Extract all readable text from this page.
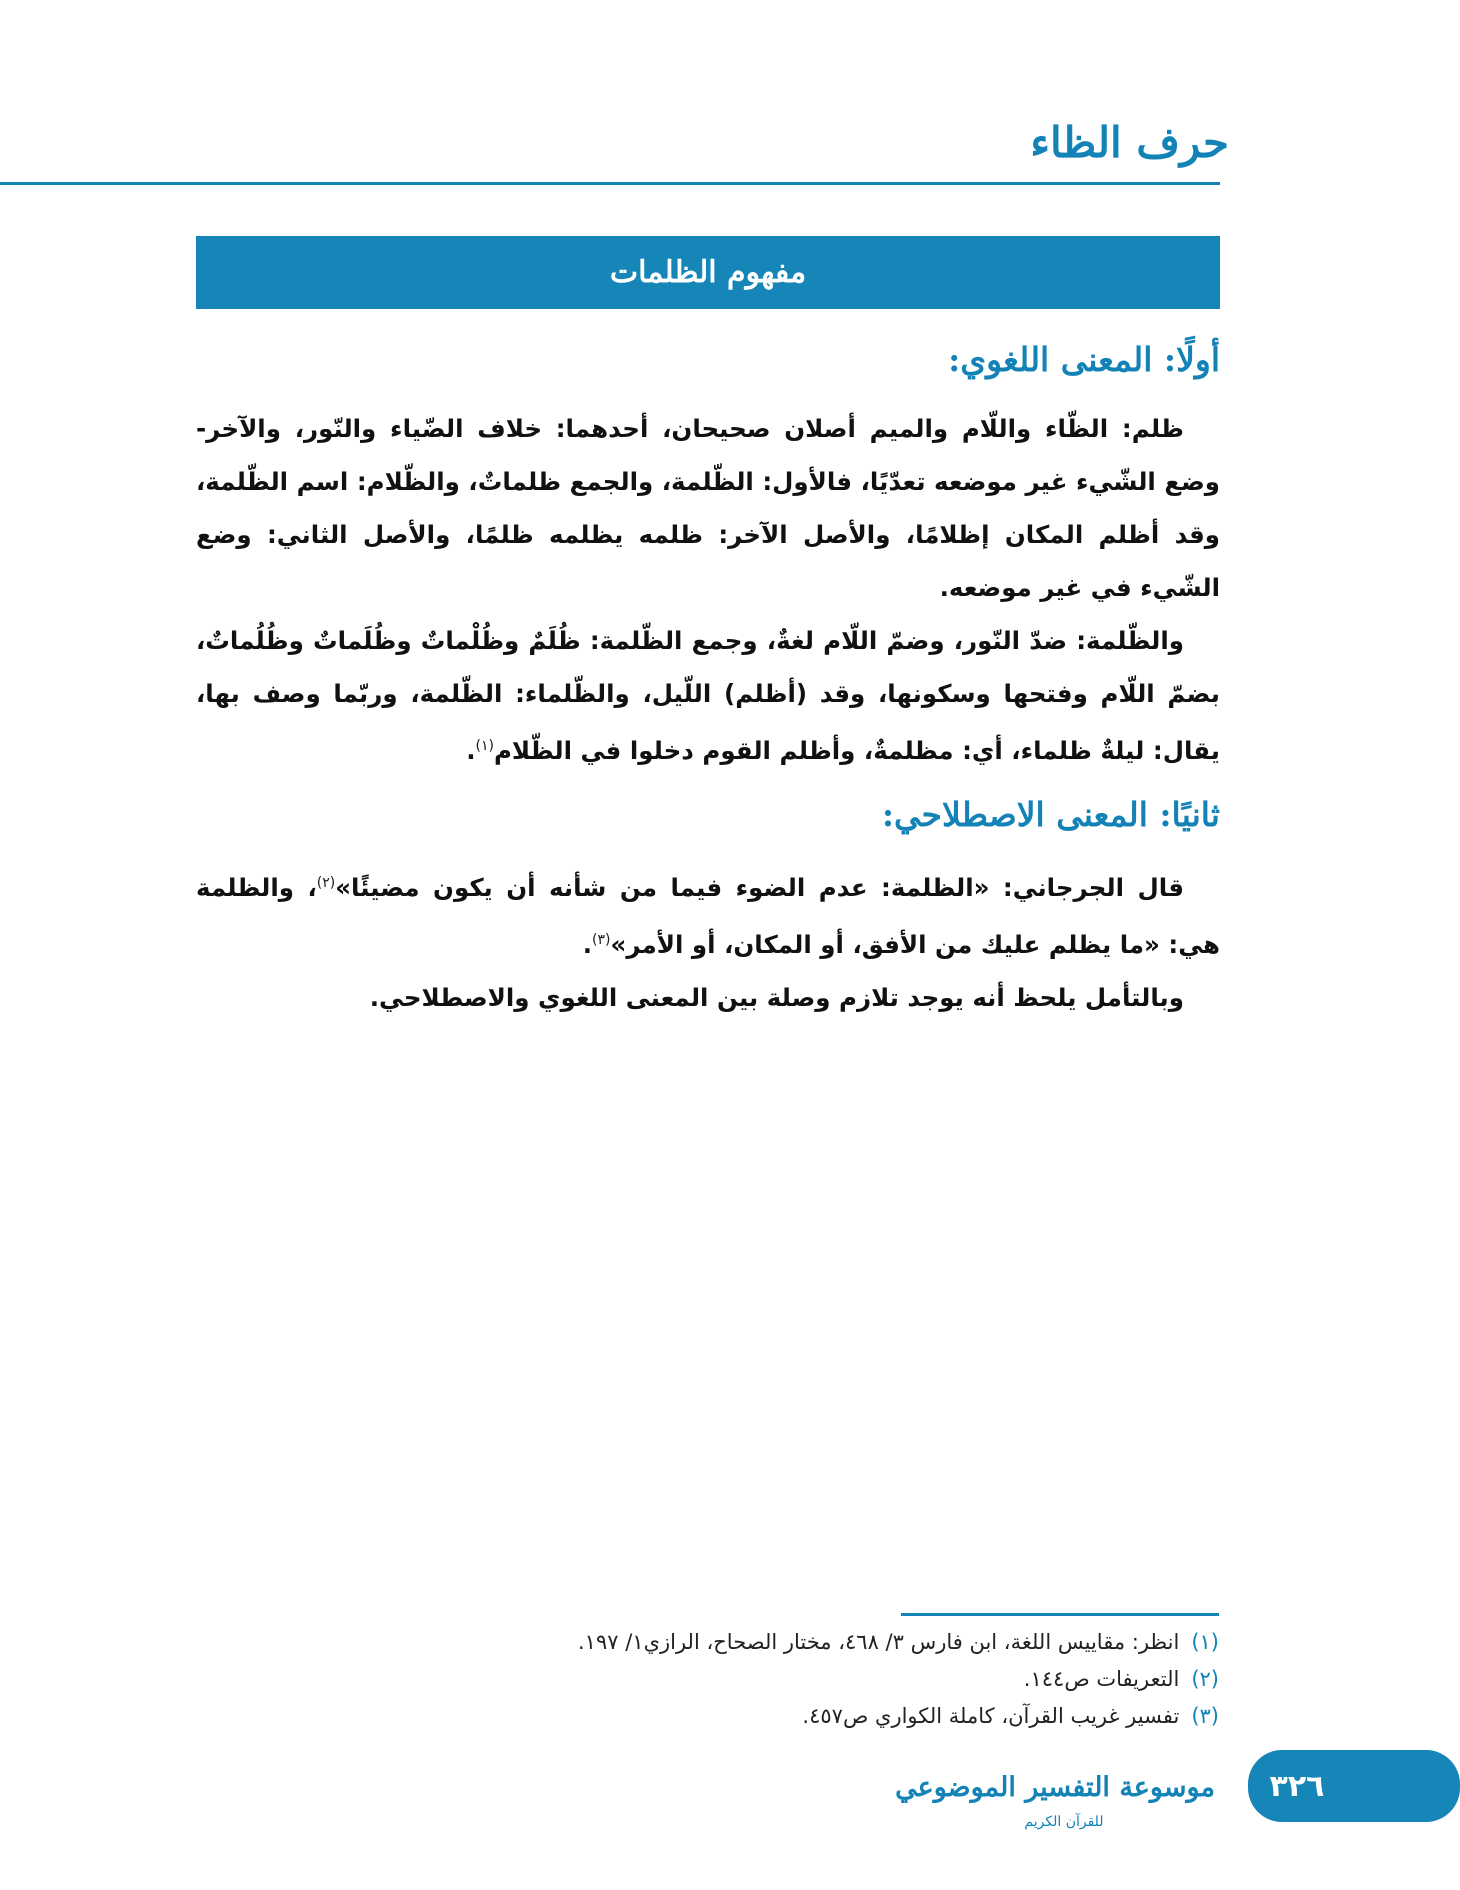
حرف الظاء
مفهوم الظلمات
أولًا: المعنى اللغوي:

ظلم: الظّاء واللّام والميم أصلان صحيحان، أحدهما: خلاف الضّياء والنّور، والآخر- وضع الشّيء غير موضعه تعدّيًا، فالأول: الظّلمة، والجمع ظلماتٌ، والظّلام: اسم الظّلمة، وقد أظلم المكان إظلامًا، والأصل الآخر: ظلمه يظلمه ظلمًا، والأصل الثاني: وضع الشّيء في غير موضعه.

والظّلمة: ضدّ النّور، وضمّ اللّام لغةٌ، وجمع الظّلمة: ظُلَمٌ وظُلْماتٌ وظُلَماتٌ وظُلُماتٌ، بضمّ اللّام وفتحها وسكونها، وقد (أظلم) اللّيل، والظّلماء: الظّلمة، وربّما وصف بها، يقال: ليلةٌ ظلماء، أي: مظلمةٌ، وأظلم القوم دخلوا في الظّلام$^{(١)}$.

ثانيًا: المعنى الاصطلاحي:

قال الجرجاني: «الظلمة: عدم الضوء فيما من شأنه أن يكون مضيئًا»$^{(٢)}$، والظلمة هي: «ما يظلم عليك من الأفق، أو المكان، أو الأمر»$^{(٣)}$.

وبالتأمل يلحظ أنه يوجد تلازم وصلة بين المعنى اللغوي والاصطلاحي.

(١)انظر: مقاييس اللغة، ابن فارس ٣/ ٤٦٨، مختار الصحاح، الرازي١/ ١٩٧.
(٢)التعريفات ص١٤٤.
(٣)تفسير غريب القرآن، كاملة الكواري ص٤٥٧.
موسوعة التفسير الموضوعي
للقرآن الكريم
٣٢٦
